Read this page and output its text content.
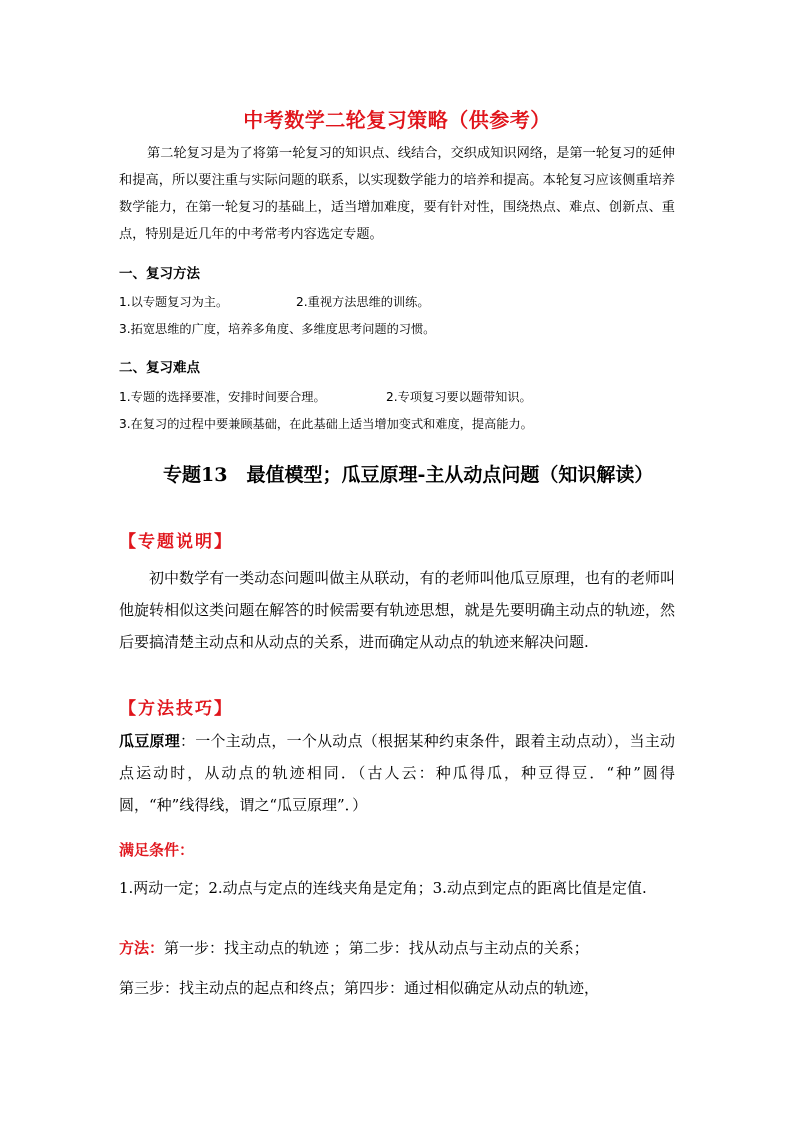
中考数学二轮复习策略（供参考）
第二轮复习是为了将第一轮复习的知识点、线结合，交织成知识网络，是第一轮复习的延伸和提高，所以要注重与实际问题的联系，以实现数学能力的培养和提高。本轮复习应该侧重培养数学能力，在第一轮复习的基础上，适当增加难度，要有针对性，围绕热点、难点、创新点、重点，特别是近几年的中考常考内容选定专题。
一、复习方法
1.以专题复习为主。	2.重视方法思维的训练。
3.拓宽思维的广度，培养多角度、多维度思考问题的习惯。
二、复习难点
1.专题的选择要准，安排时间要合理。	2.专项复习要以题带知识。
3.在复习的过程中要兼顾基础，在此基础上适当增加变式和难度，提高能力。
专题13　最值模型；瓜豆原理-主从动点问题（知识解读）
【专题说明】
初中数学有一类动态问题叫做主从联动，有的老师叫他瓜豆原理，也有的老师叫他旋转相似这类问题在解答的时候需要有轨迹思想，就是先要明确主动点的轨迹，然后要搞清楚主动点和从动点的关系，进而确定从动点的轨迹来解决问题.
【方法技巧】
瓜豆原理：一个主动点，一个从动点（根据某种约束条件，跟着主动点动），当主动点运动时，从动点的轨迹相同．（古人云：种瓜得瓜，种豆得豆．“种”圆得圆，“种”线得线，谓之“瓜豆原理”．）
满足条件：
1.两动一定；2.动点与定点的连线夹角是定角；3.动点到定点的距离比值是定值.
方法：第一步：找主动点的轨迹 ；第二步：找从动点与主动点的关系；
第三步：找主动点的起点和终点；第四步：通过相似确定从动点的轨迹，
